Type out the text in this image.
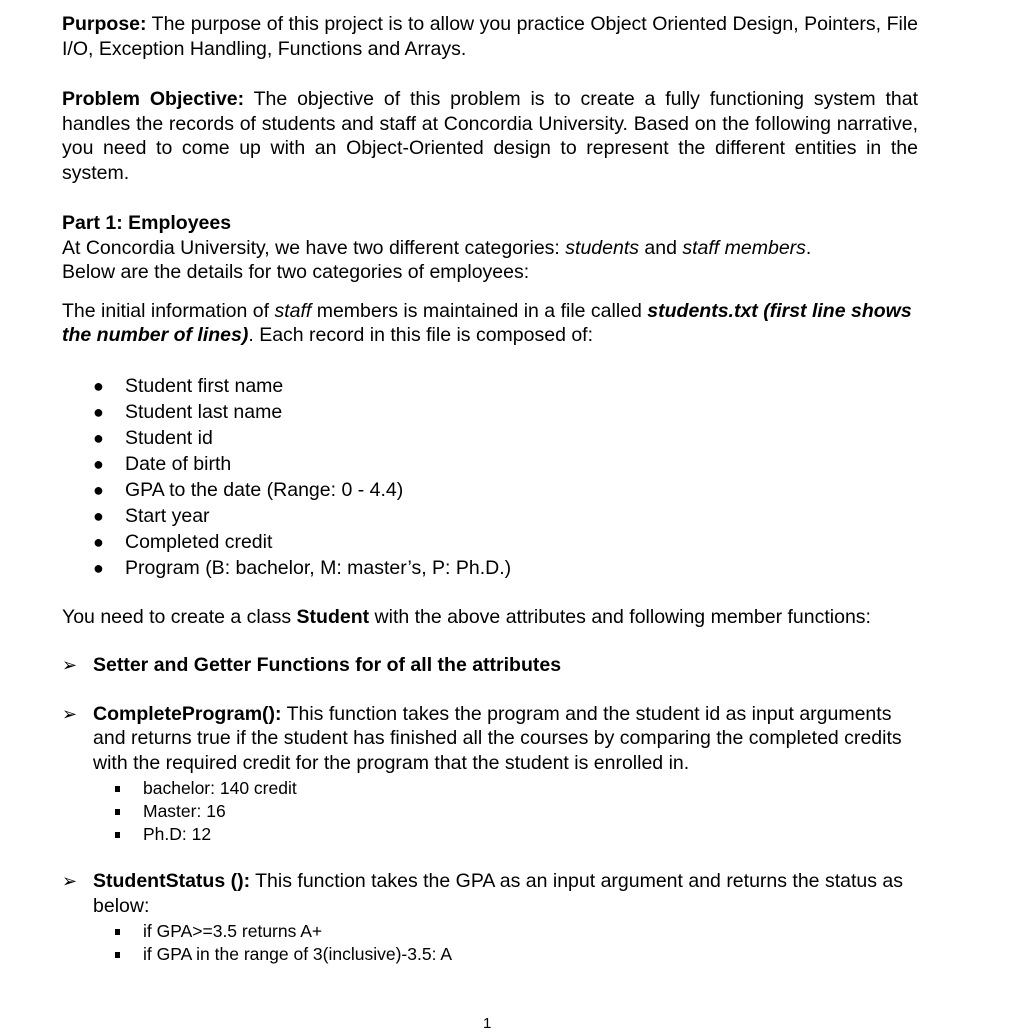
Purpose: The purpose of this project is to allow you practice Object Oriented Design, Pointers, File I/O, Exception Handling, Functions and Arrays.

Problem Objective: The objective of this problem is to create a fully functioning system that handles the records of students and staff at Concordia University. Based on the following narrative, you need to come up with an Object-Oriented design to represent the different entities in the system.

Part 1: Employees

At Concordia University, we have two different categories: students and staff members.

Below are the details for two categories of employees:

The initial information of staff members is maintained in a file called students.txt (first line shows the number of lines). Each record in this file is composed of:

● Student first name
● Student last name
● Student id
● Date of birth
● GPA to the date (Range: 0 - 4.4)
● Start year
● Completed credit
● Program (B: bachelor, M: master’s, P: Ph.D.)

You need to create a class Student with the above attributes and following member functions:

➢ Setter and Getter Functions for of all the attributes
➢ CompleteProgram(): This function takes the program and the student id as input arguments and returns true if the student has finished all the courses by comparing the completed credits with the required credit for the program that the student is enrolled in.

bachelor: 140 credit
Master: 16
Ph.D: 12
➢ StudentStatus (): This function takes the GPA as an input argument and returns the status as below:

if GPA>=3.5 returns A+
if GPA in the range of 3(inclusive)-3.5: A
1
